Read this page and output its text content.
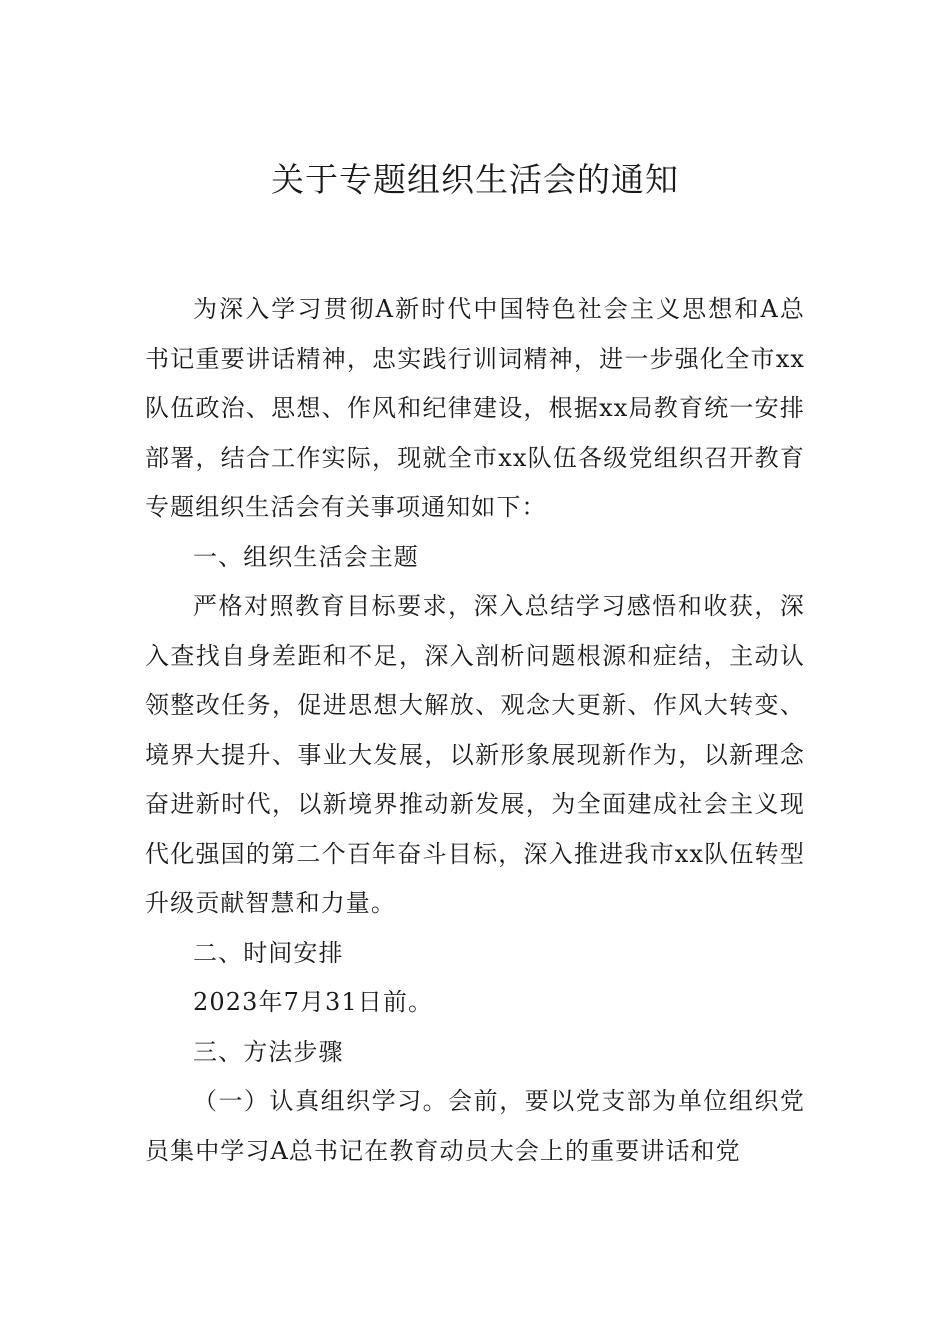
关于专题组织生活会的通知

为深入学习贯彻A新时代中国特色社会主义思想和A总书记重要讲话精神，忠实践行训词精神，进一步强化全市xx队伍政治、思想、作风和纪律建设，根据xx局教育统一安排部署，结合工作实际，现就全市xx队伍各级党组织召开教育专题组织生活会有关事项通知如下：

一、组织生活会主题

严格对照教育目标要求，深入总结学习感悟和收获，深入查找自身差距和不足，深入剖析问题根源和症结，主动认领整改任务，促进思想大解放、观念大更新、作风大转变、境界大提升、事业大发展，以新形象展现新作为，以新理念奋进新时代，以新境界推动新发展，为全面建成社会主义现代化强国的第二个百年奋斗目标，深入推进我市xx队伍转型升级贡献智慧和力量。

二、时间安排

2023年7月31日前。

三、方法步骤

（一）认真组织学习。会前，要以党支部为单位组织党员集中学习A总书记在教育动员大会上的重要讲话和党
